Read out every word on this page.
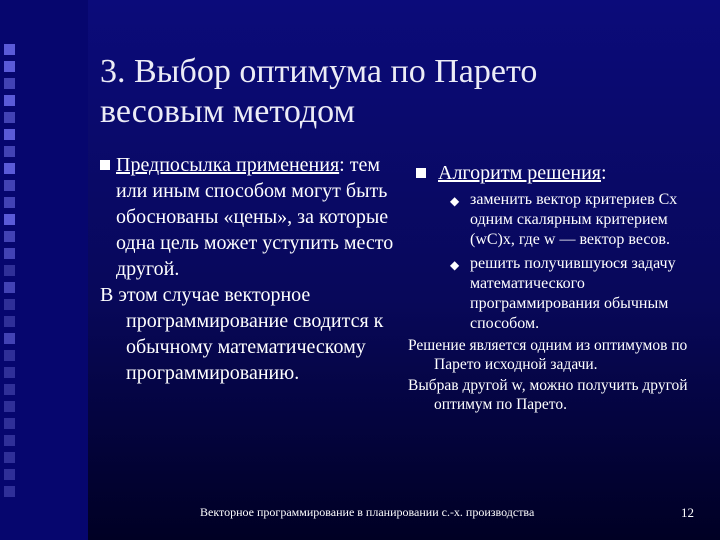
3. Выбор оптимума по Парето
весовым методом
Предпосылка применения: тем или иным способом могут быть обоснованы «цены», за которые одна цель может уступить место другой.
В этом случае векторное программирование сводится к обычному математическому программированию.
Алгоритм решения:
◆ заменить вектор критериев Cx одним скалярным критерием (wC)x, где w — вектор весов.
◆ решить получившуюся задачу математического программирования обычным способом.
Решение является одним из оптимумов по Парето исходной задачи.
Выбрав другой w, можно получить другой оптимум по Парето.
Векторное программирование в планировании с.-х. производства	12
